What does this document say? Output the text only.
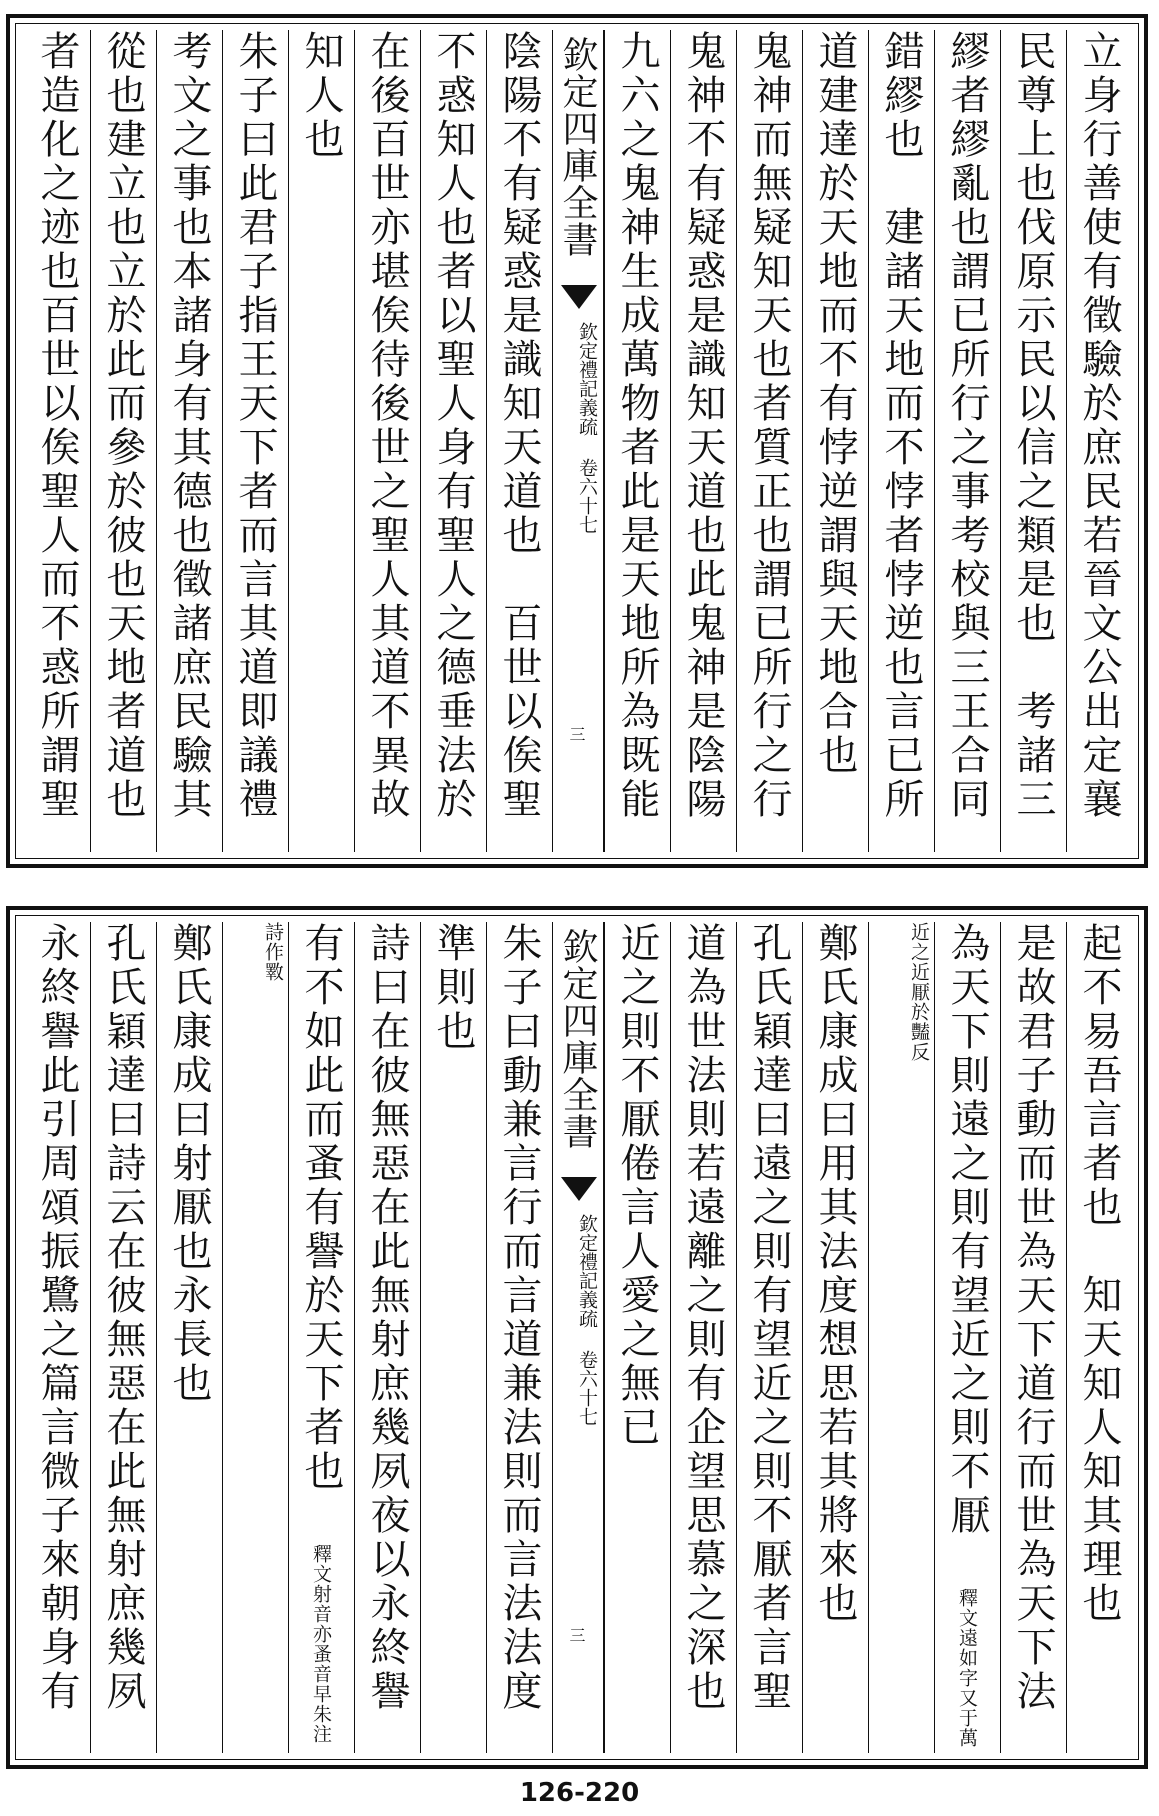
立身行善使有徵驗於庶民若晉文公出定襄
民尊上也伐原示民以信之類是也　考諸三
繆者繆亂也謂已所行之事考校與三王合同
錯繆也　建諸天地而不悖者悖逆也言已所
道建達於天地而不有悖逆謂與天地合也　
鬼神而無疑知天也者質正也謂已所行之行
鬼神不有疑惑是識知天道也此鬼神是陰陽
九六之鬼神生成萬物者此是天地所為既能
欽定四庫全書
欽定禮記義疏 卷六十七
三
陰陽不有疑惑是識知天道也　百世以俟聖
不惑知人也者以聖人身有聖人之德垂法於
在後百世亦堪俟待後世之聖人其道不異故
知人也
朱子曰此君子指王天下者而言其道即議禮
考文之事也本諸身有其德也徵諸庶民驗其
從也建立也立於此而參於彼也天地者道也
者造化之迹也百世以俟聖人而不惑所謂聖
起不易吾言者也　知天知人知其理也
是故君子動而世為天下道行而世為天下法
為天下則遠之則有望近之則不厭 釋文遠如字又于萬
近之近厭於豔反
鄭氏康成曰用其法度想思若其將來也
孔氏穎達曰遠之則有望近之則不厭者言聖
道為世法則若遠離之則有企望思慕之深也
近之則不厭倦言人愛之無已
欽定四庫全書
欽定禮記義疏 卷六十七
三
朱子曰動兼言行而言道兼法則而言法法度
準則也
詩曰在彼無惡在此無射庶幾夙夜以永終譽
有不如此而蚤有譽於天下者也 釋文射音亦蚤音早朱注
詩作斁
鄭氏康成曰射厭也永長也
孔氏穎達曰詩云在彼無惡在此無射庶幾夙
永終譽此引周頌振鷺之篇言微子來朝身有
126-220
